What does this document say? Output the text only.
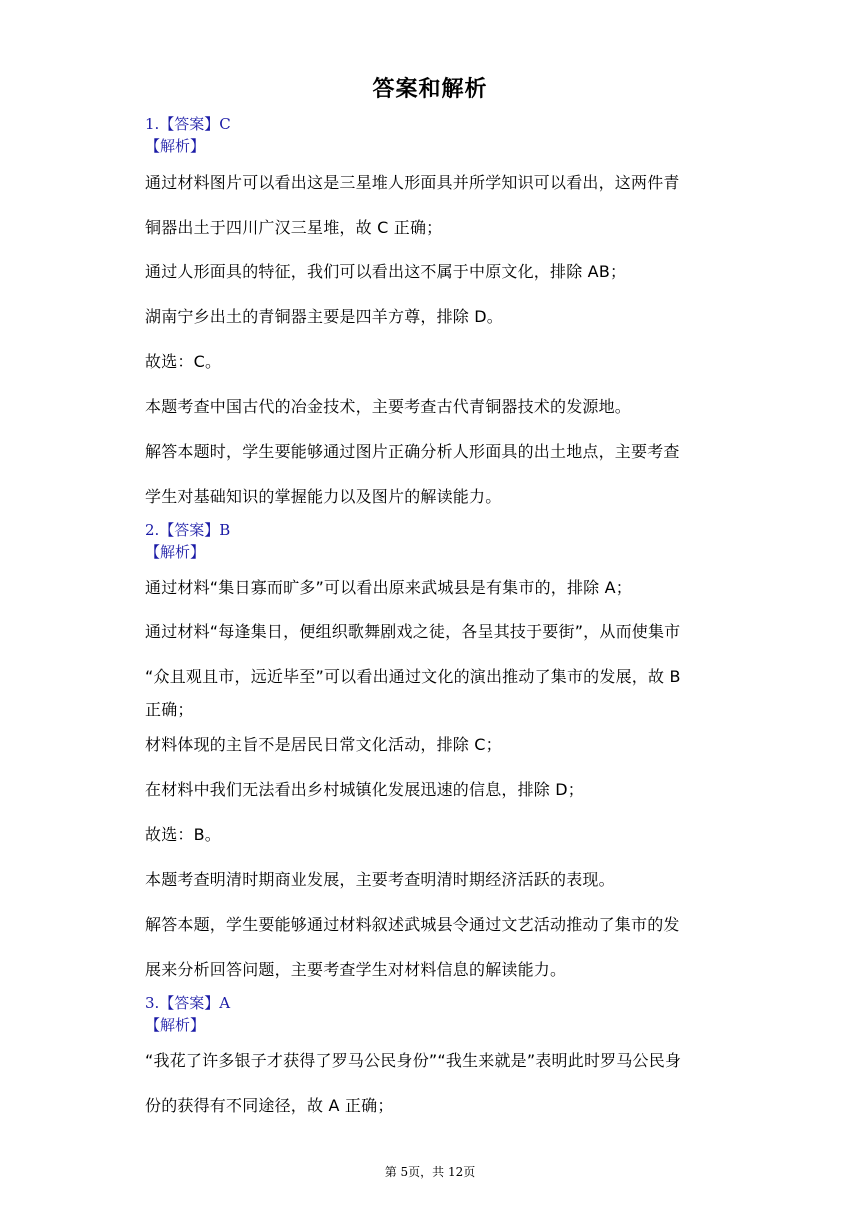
答案和解析
1.【答案】C
【解析】
通过材料图片可以看出这是三星堆人形面具并所学知识可以看出，这两件青
铜器出土于四川广汉三星堆，故 C 正确；
通过人形面具的特征，我们可以看出这不属于中原文化，排除 AB；
湖南宁乡出土的青铜器主要是四羊方尊，排除 D。
故选：C。
本题考查中国古代的冶金技术，主要考查古代青铜器技术的发源地。
解答本题时，学生要能够通过图片正确分析人形面具的出土地点，主要考查
学生对基础知识的掌握能力以及图片的解读能力。
2.【答案】B
【解析】
通过材料“集日寡而旷多”可以看出原来武城县是有集市的，排除 A；
通过材料“每逢集日，便组织歌舞剧戏之徒，各呈其技于要街”，从而使集市
“众且观且市，远近毕至”可以看出通过文化的演出推动了集市的发展，故 B
正确；
材料体现的主旨不是居民日常文化活动，排除 C；
在材料中我们无法看出乡村城镇化发展迅速的信息，排除 D；
故选：B。
本题考查明清时期商业发展，主要考查明清时期经济活跃的表现。
解答本题，学生要能够通过材料叙述武城县令通过文艺活动推动了集市的发
展来分析回答问题，主要考查学生对材料信息的解读能力。
3.【答案】A
【解析】
“我花了许多银子才获得了罗马公民身份”“我生来就是”表明此时罗马公民身
份的获得有不同途径，故 A 正确；
第 5页，共 12页
